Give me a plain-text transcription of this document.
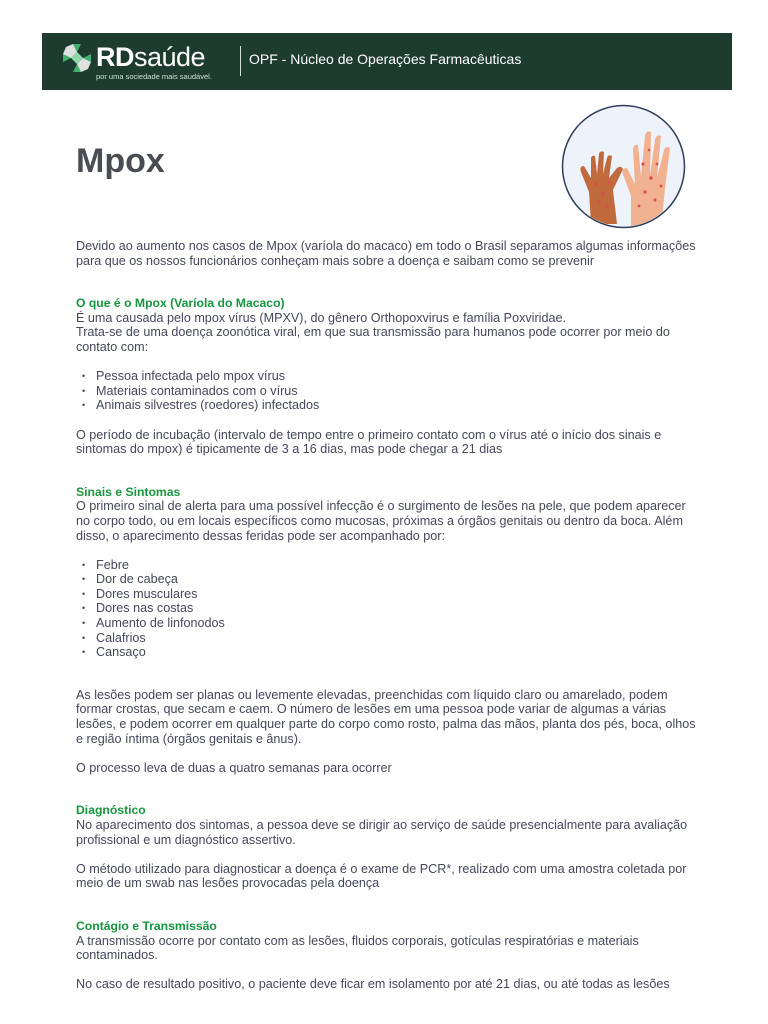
RDsaúde
por uma sociedade mais saudável.
OPF - Núcleo de Operações Farmacêuticas
Mpox

Devido ao aumento nos casos de Mpox (varíola do macaco) em todo o Brasil separamos algumas informações para que os nossos funcionários conheçam mais sobre a doença e saibam como se prevenir

O que é o Mpox (Varíola do Macaco)

É uma causada pelo mpox vírus (MPXV), do gênero Orthopoxvirus e família Poxviridae.

Trata-se de uma doença zoonótica viral, em que sua transmissão para humanos pode ocorrer por meio do contato com:

• Pessoa infectada pelo mpox vírus
• Materiais contaminados com o vírus
• Animais silvestres (roedores) infectados

O período de incubação (intervalo de tempo entre o primeiro contato com o vírus até o início dos sinais e sintomas do mpox) é tipicamente de 3 a 16 dias, mas pode chegar a 21 dias

Sinais e Sintomas

O primeiro sinal de alerta para uma possível infecção é o surgimento de lesões na pele, que podem aparecer no corpo todo, ou em locais específicos como mucosas, próximas a órgãos genitais ou dentro da boca. Além disso, o aparecimento dessas feridas pode ser acompanhado por:

• Febre
• Dor de cabeça
• Dores musculares
• Dores nas costas
• Aumento de linfonodos
• Calafrios
• Cansaço

As lesões podem ser planas ou levemente elevadas, preenchidas com líquido claro ou amarelado, podem formar crostas, que secam e caem. O número de lesões em uma pessoa pode variar de algumas a várias lesões, e podem ocorrer em qualquer parte do corpo como rosto, palma das mãos, planta dos pés, boca, olhos e região íntima (órgãos genitais e ânus).

O processo leva de duas a quatro semanas para ocorrer

Diagnóstico

No aparecimento dos sintomas, a pessoa deve se dirigir ao serviço de saúde presencialmente para avaliação profissional e um diagnóstico assertivo.

O método utilizado para diagnosticar a doença é o exame de PCR*, realizado com uma amostra coletada por meio de um swab nas lesões provocadas pela doença

Contágio e Transmissão

A transmissão ocorre por contato com as lesões, fluidos corporais, gotículas respiratórias e materiais contaminados.

No caso de resultado positivo, o paciente deve ficar em isolamento por até 21 dias, ou até todas as lesões
